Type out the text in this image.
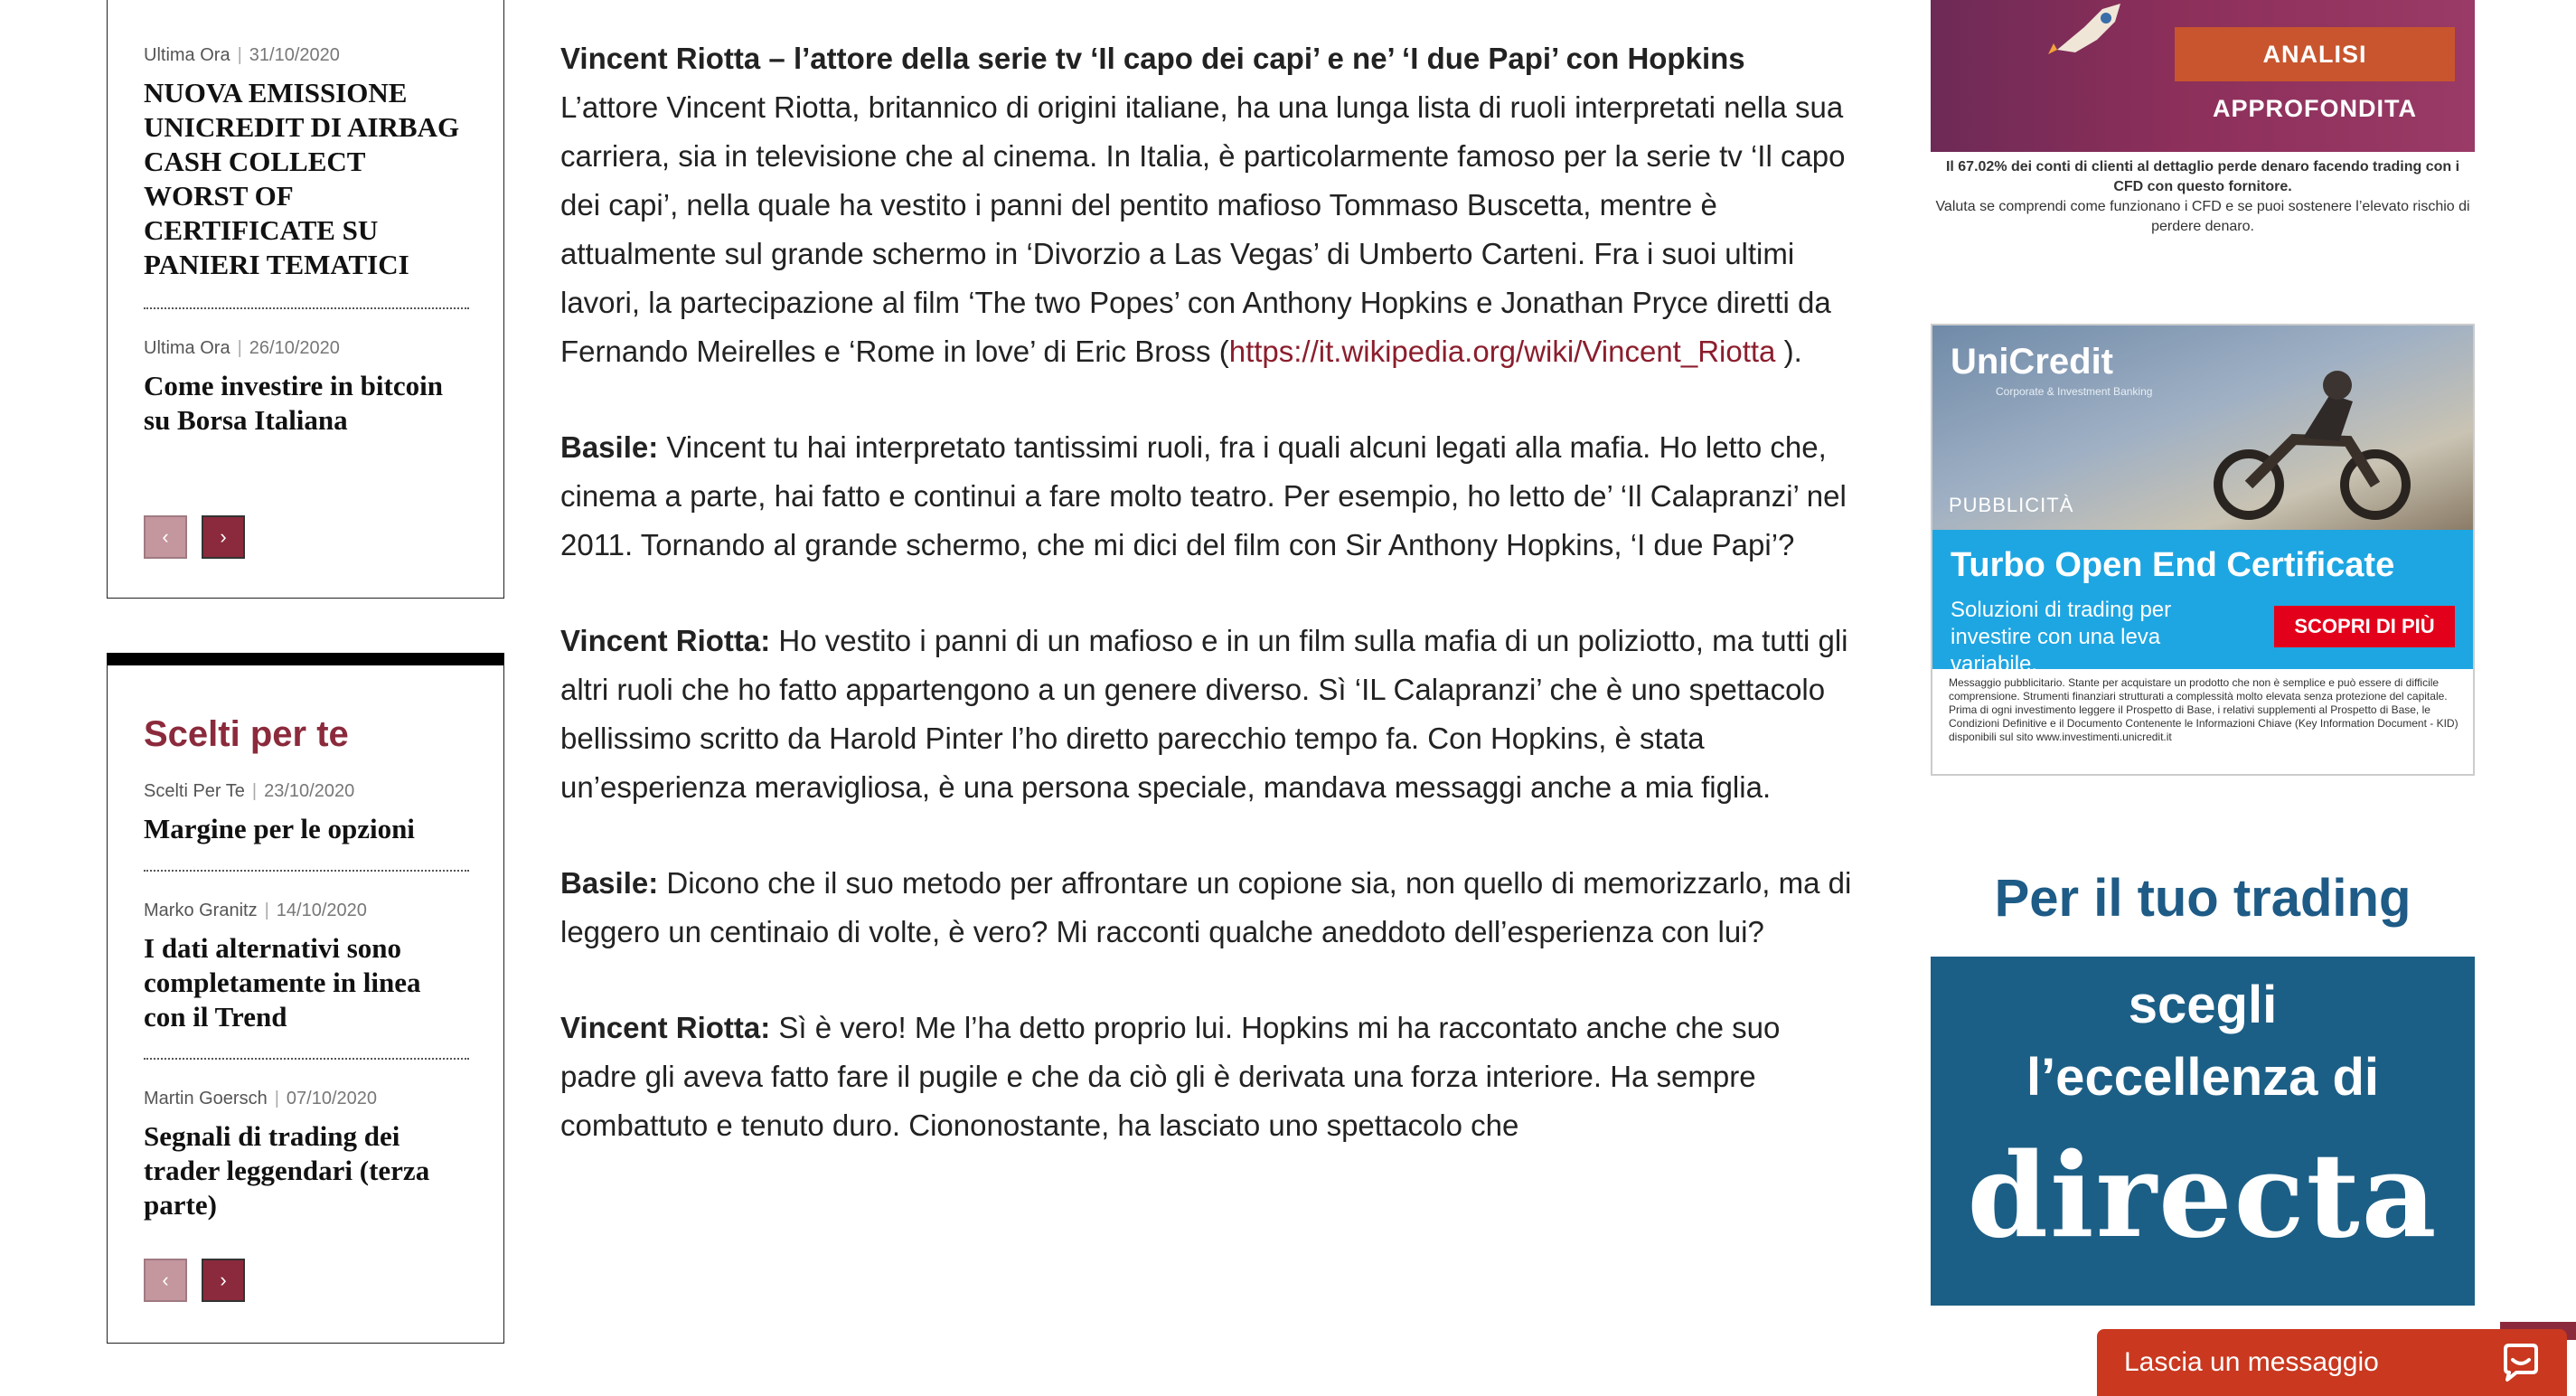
Ultima Ora | 31/10/2020
NUOVA EMISSIONE UNICREDIT DI AIRBAG CASH COLLECT WORST OF CERTIFICATE SU PANIERI TEMATICI
Ultima Ora | 26/10/2020
Come investire in bitcoin su Borsa Italiana
‹	›
Scelti per te
Scelti Per Te | 23/10/2020
Margine per le opzioni
Marko Granitz | 14/10/2020
I dati alternativi sono completamente in linea con il Trend
Martin Goersch | 07/10/2020
Segnali di trading dei trader leggendari (terza parte)
‹	›

Vincent Riotta – l’attore della serie tv ‘Il capo dei capi’ e ne’ ‘I due Papi’ con Hopkins
L’attore Vincent Riotta, britannico di origini italiane, ha una lunga lista di ruoli interpretati nella sua carriera, sia in televisione che al cinema. In Italia, è particolarmente famoso per la serie tv ‘Il capo dei capi’, nella quale ha vestito i panni del pentito mafioso Tommaso Buscetta, mentre è attualmente sul grande schermo in ‘Divorzio a Las Vegas’ di Umberto Carteni. Fra i suoi ultimi lavori, la partecipazione al film ‘The two Popes’ con Anthony Hopkins e Jonathan Pryce diretti da Fernando Meirelles e ‘Rome in love’ di Eric Bross (https://it.wikipedia.org/wiki/Vincent_Riotta ).

Basile: Vincent tu hai interpretato tantissimi ruoli, fra i quali alcuni legati alla mafia. Ho letto che, cinema a parte, hai fatto e continui a fare molto teatro. Per esempio, ho letto de’ ‘Il Calapranzi’ nel 2011. Tornando al grande schermo, che mi dici del film con Sir Anthony Hopkins, ‘I due Papi’?

Vincent Riotta: Ho vestito i panni di un mafioso e in un film sulla mafia di un poliziotto, ma tutti gli altri ruoli che ho fatto appartengono a un genere diverso. Sì ‘IL Calapranzi’ che è uno spettacolo bellissimo scritto da Harold Pinter l’ho diretto parecchio tempo fa. Con Hopkins, è stata un’esperienza meravigliosa, è una persona speciale, mandava messaggi anche a mia figlia.

Basile: Dicono che il suo metodo per affrontare un copione sia, non quello di memorizzarlo, ma di leggero un centinaio di volte, è vero? Mi racconti qualche aneddoto dell’esperienza con lui?

Vincent Riotta: Sì è vero! Me l’ha detto proprio lui. Hopkins mi ha raccontato anche che suo padre gli aveva fatto fare il pugile e che da ciò gli è derivata una forza interiore. Ha sempre combattuto e tenuto duro. Ciononostante, ha lasciato uno spettacolo che

ANALISI APPROFONDITA
Il 67.02% dei conti di clienti al dettaglio perde denaro facendo trading con i CFD con questo fornitore.
Valuta se comprendi come funzionano i CFD e se puoi sostenere l’elevato rischio di perdere denaro.
UniCredit
Corporate & Investment Banking
PUBBLICITÀ
Turbo Open End Certificate
Soluzioni di trading per investire con una leva variabile.
SCOPRI DI PIÙ
Messaggio pubblicitario. Stante per acquistare un prodotto che non è semplice e può essere di difficile comprensione. Strumenti finanziari strutturati a complessità molto elevata senza protezione del capitale. Prima di ogni investimento leggere il Prospetto di Base, i relativi supplementi al Prospetto di Base, le Condizioni Definitive e il Documento Contenente le Informazioni Chiave (Key Information Document - KID) disponibili sul sito www.investimenti.unicredit.it
Per il tuo trading
scegli
l’eccellenza di
directa
Lascia un messaggio
